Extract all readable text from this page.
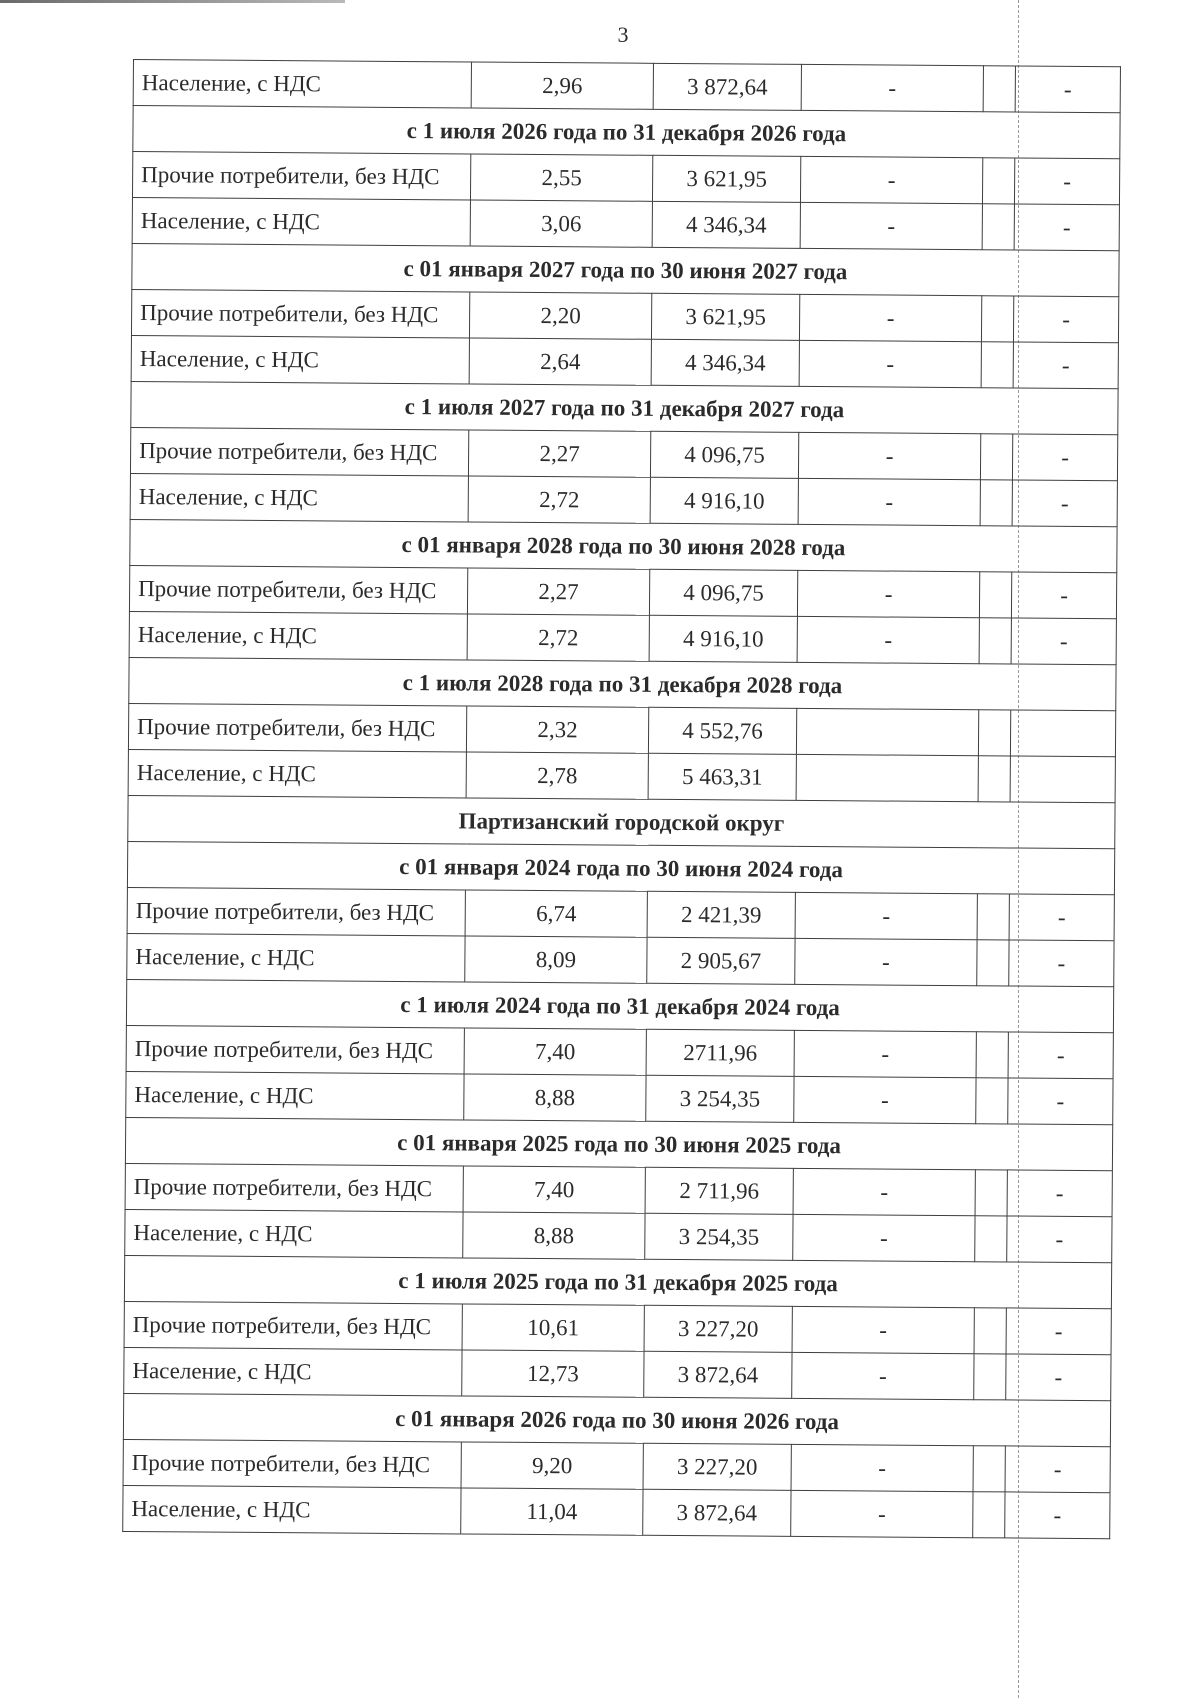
3
Население, с НДС	2,96	3 872,64	-		-
с 1 июля 2026 года по 31 декабря 2026 года					
Прочие потребители, без НДС	2,55	3 621,95	-		-
Население, с НДС	3,06	4 346,34	-		-
с 01 января 2027 года по 30 июня 2027 года					
Прочие потребители, без НДС	2,20	3 621,95	-		-
Население, с НДС	2,64	4 346,34	-		-
с 1 июля 2027 года по 31 декабря 2027 года					
Прочие потребители, без НДС	2,27	4 096,75	-		-
Население, с НДС	2,72	4 916,10	-		-
с 01 января 2028 года по 30 июня 2028 года					
Прочие потребители, без НДС	2,27	4 096,75	-		-
Население, с НДС	2,72	4 916,10	-		-
с 1 июля 2028 года по 31 декабря 2028 года					
Прочие потребители, без НДС	2,32	4 552,76			
Население, с НДС	2,78	5 463,31			
Партизанский городской округ					
с 01 января 2024 года по 30 июня 2024 года					
Прочие потребители, без НДС	6,74	2 421,39	-		-
Население, с НДС	8,09	2 905,67	-		-
с 1 июля 2024 года по 31 декабря 2024 года					
Прочие потребители, без НДС	7,40	2711,96	-		-
Население, с НДС	8,88	3 254,35	-		-
с 01 января 2025 года по 30 июня 2025 года					
Прочие потребители, без НДС	7,40	2 711,96	-		-
Население, с НДС	8,88	3 254,35	-		-
с 1 июля 2025 года по 31 декабря 2025 года					
Прочие потребители, без НДС	10,61	3 227,20	-		-
Население, с НДС	12,73	3 872,64	-		-
с 01 января 2026 года по 30 июня 2026 года					
Прочие потребители, без НДС	9,20	3 227,20	-		-
Население, с НДС	11,04	3 872,64	-		-
